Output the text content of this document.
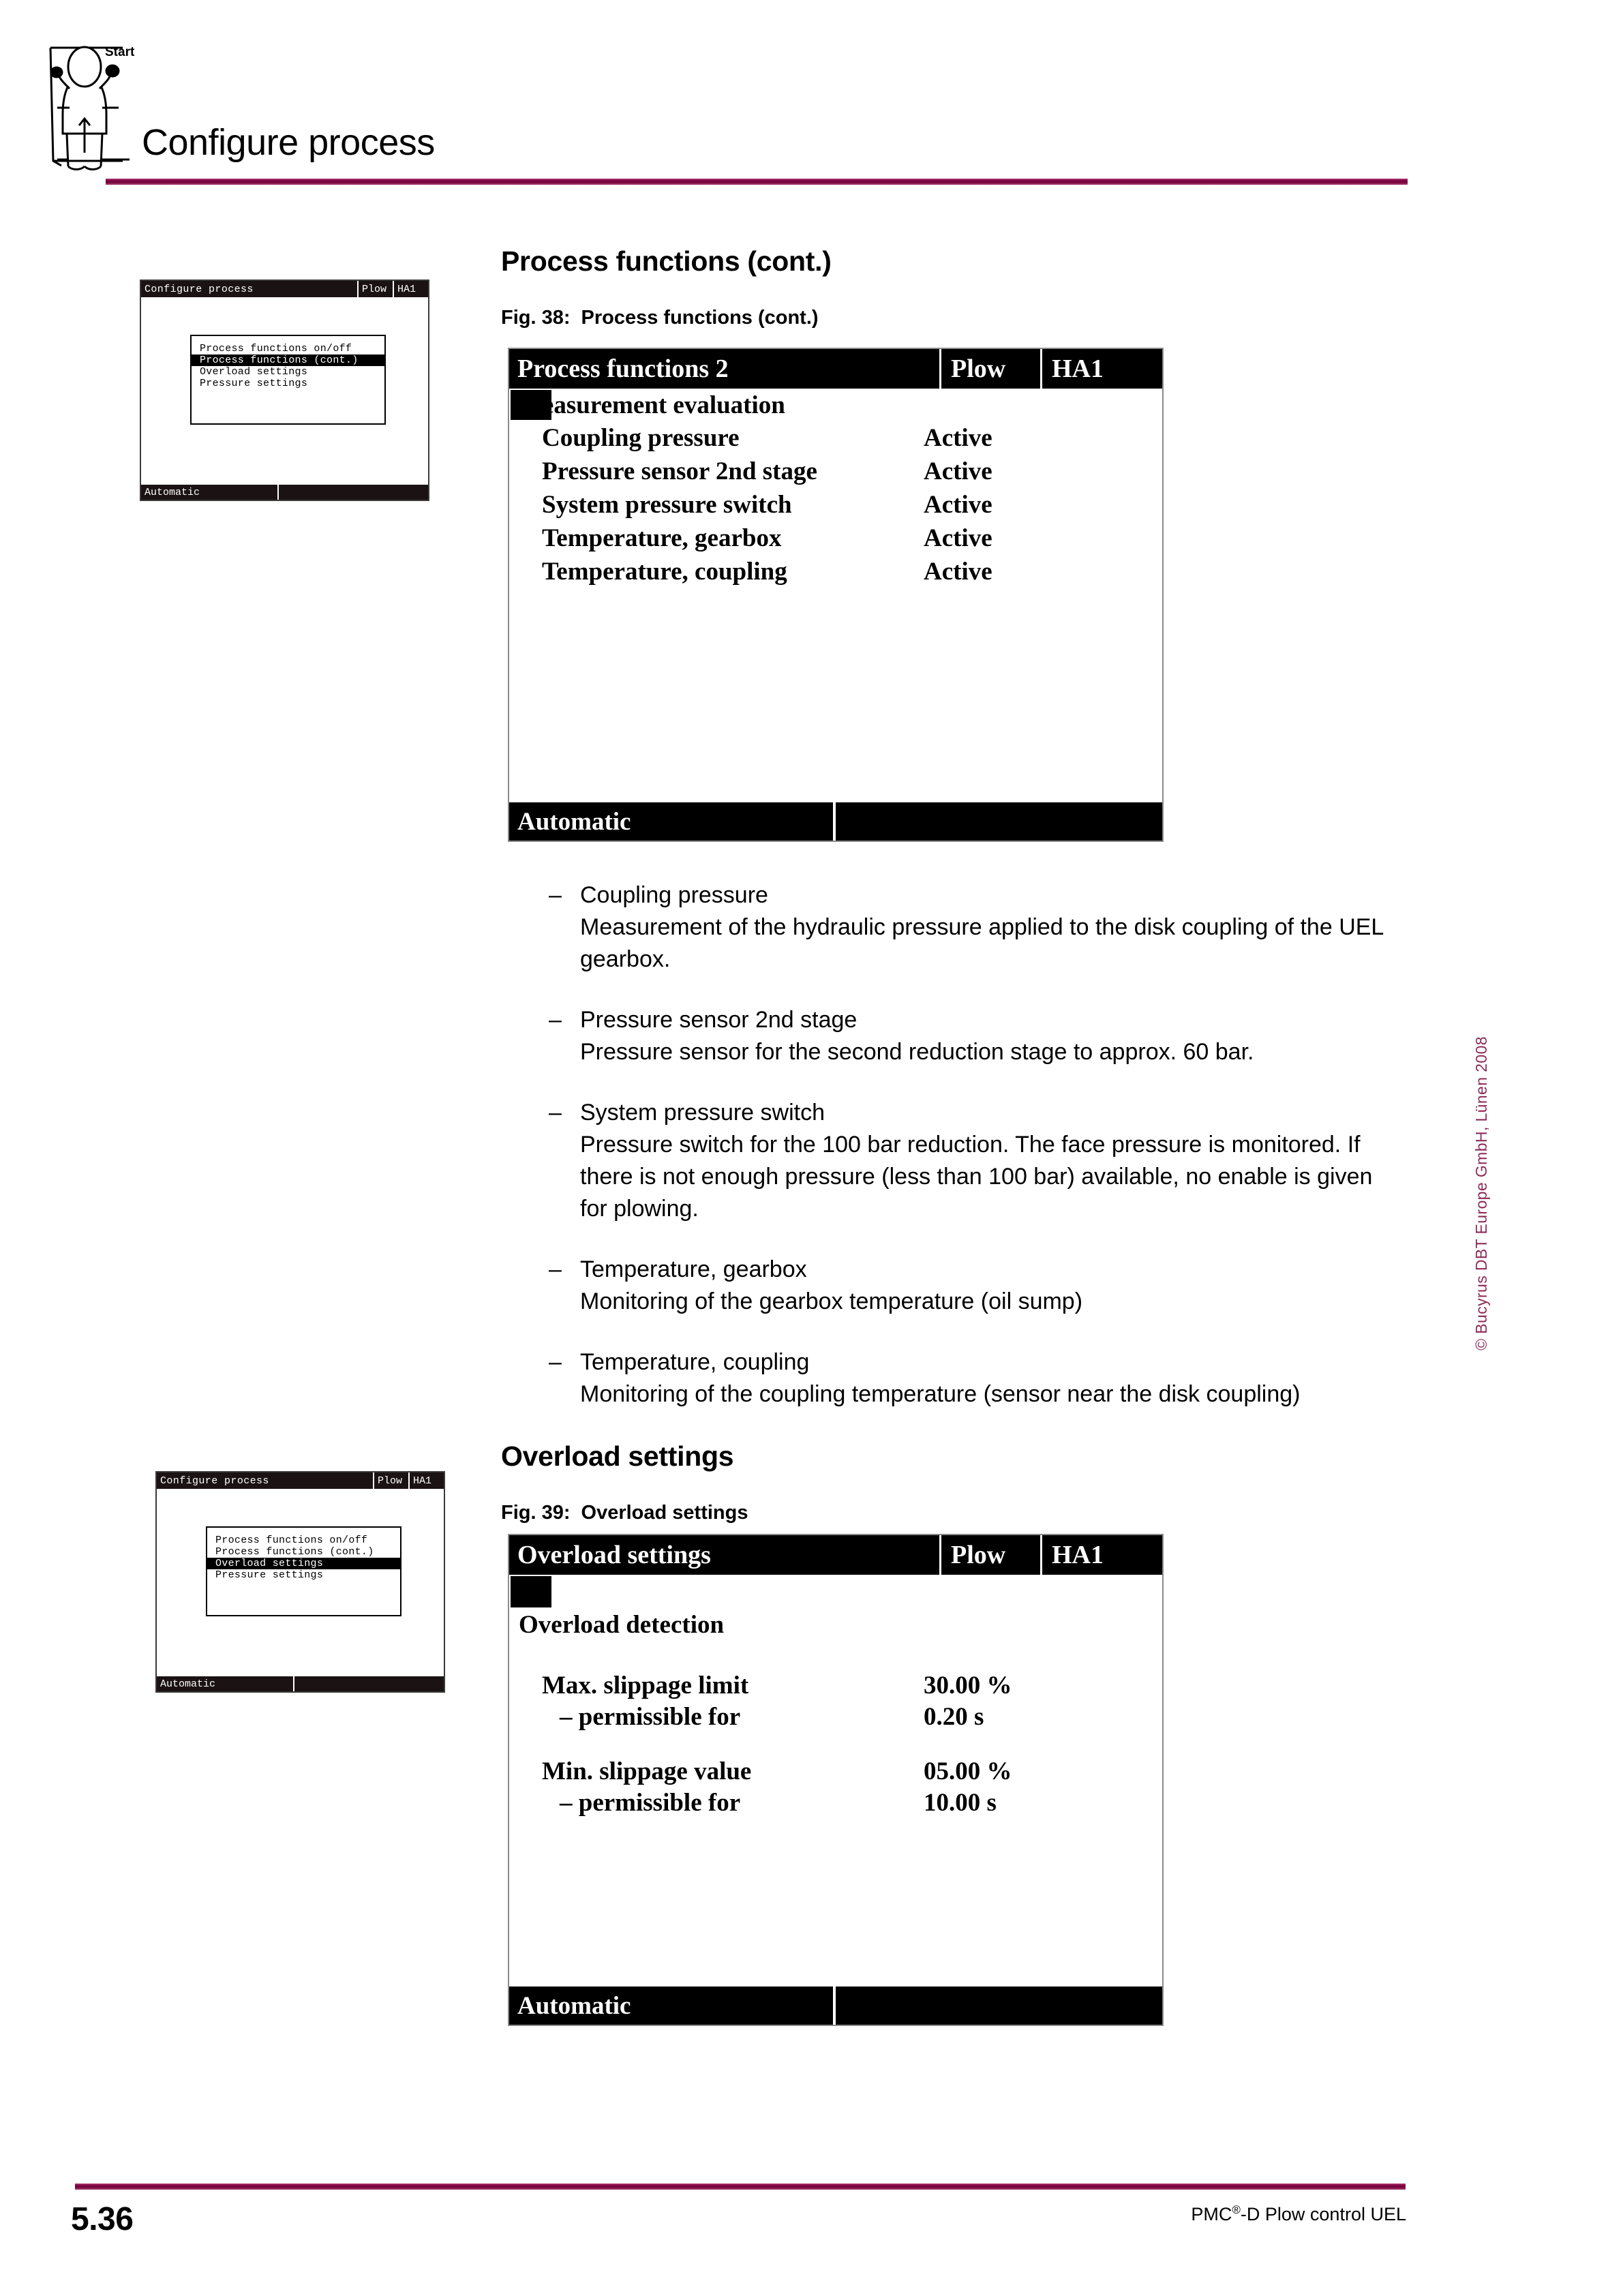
Start
Configure process
© Bucyrus DBT Europe GmbH, Lünen 2008
Process functions (cont.)
Fig. 38: Process functions (cont.)
Configure process	Plow	HA1
Process functions on/off
Process functions (cont.)
Overload settings
Pressure settings
Automatic
Process functions 2	Plow	HA1
Measurement evaluation
Coupling pressure	Active
Pressure sensor 2nd stage	Active
System pressure switch	Active
Temperature, gearbox	Active
Temperature, coupling	Active
Automatic
– Coupling pressure
Measurement of the hydraulic pressure applied to the disk coupling of the UEL gearbox.
– Pressure sensor 2nd stage
Pressure sensor for the second reduction stage to approx. 60 bar.
– System pressure switch
Pressure switch for the 100 bar reduction. The face pressure is monitored. If there is not enough pressure (less than 100 bar) available, no enable is given for plowing.
– Temperature, gearbox
Monitoring of the gearbox temperature (oil sump)
– Temperature, coupling
Monitoring of the coupling temperature (sensor near the disk coupling)
Overload settings
Fig. 39: Overload settings
Configure process	Plow	HA1
Process functions on/off
Process functions (cont.)
Overload settings
Pressure settings
Automatic
Overload settings	Plow	HA1
Overload detection
Max. slippage limit	30.00 %
– permissible for	0.20 s
Min. slippage value	05.00 %
– permissible for	10.00 s
Automatic
5.36	PMC®-D Plow control UEL
